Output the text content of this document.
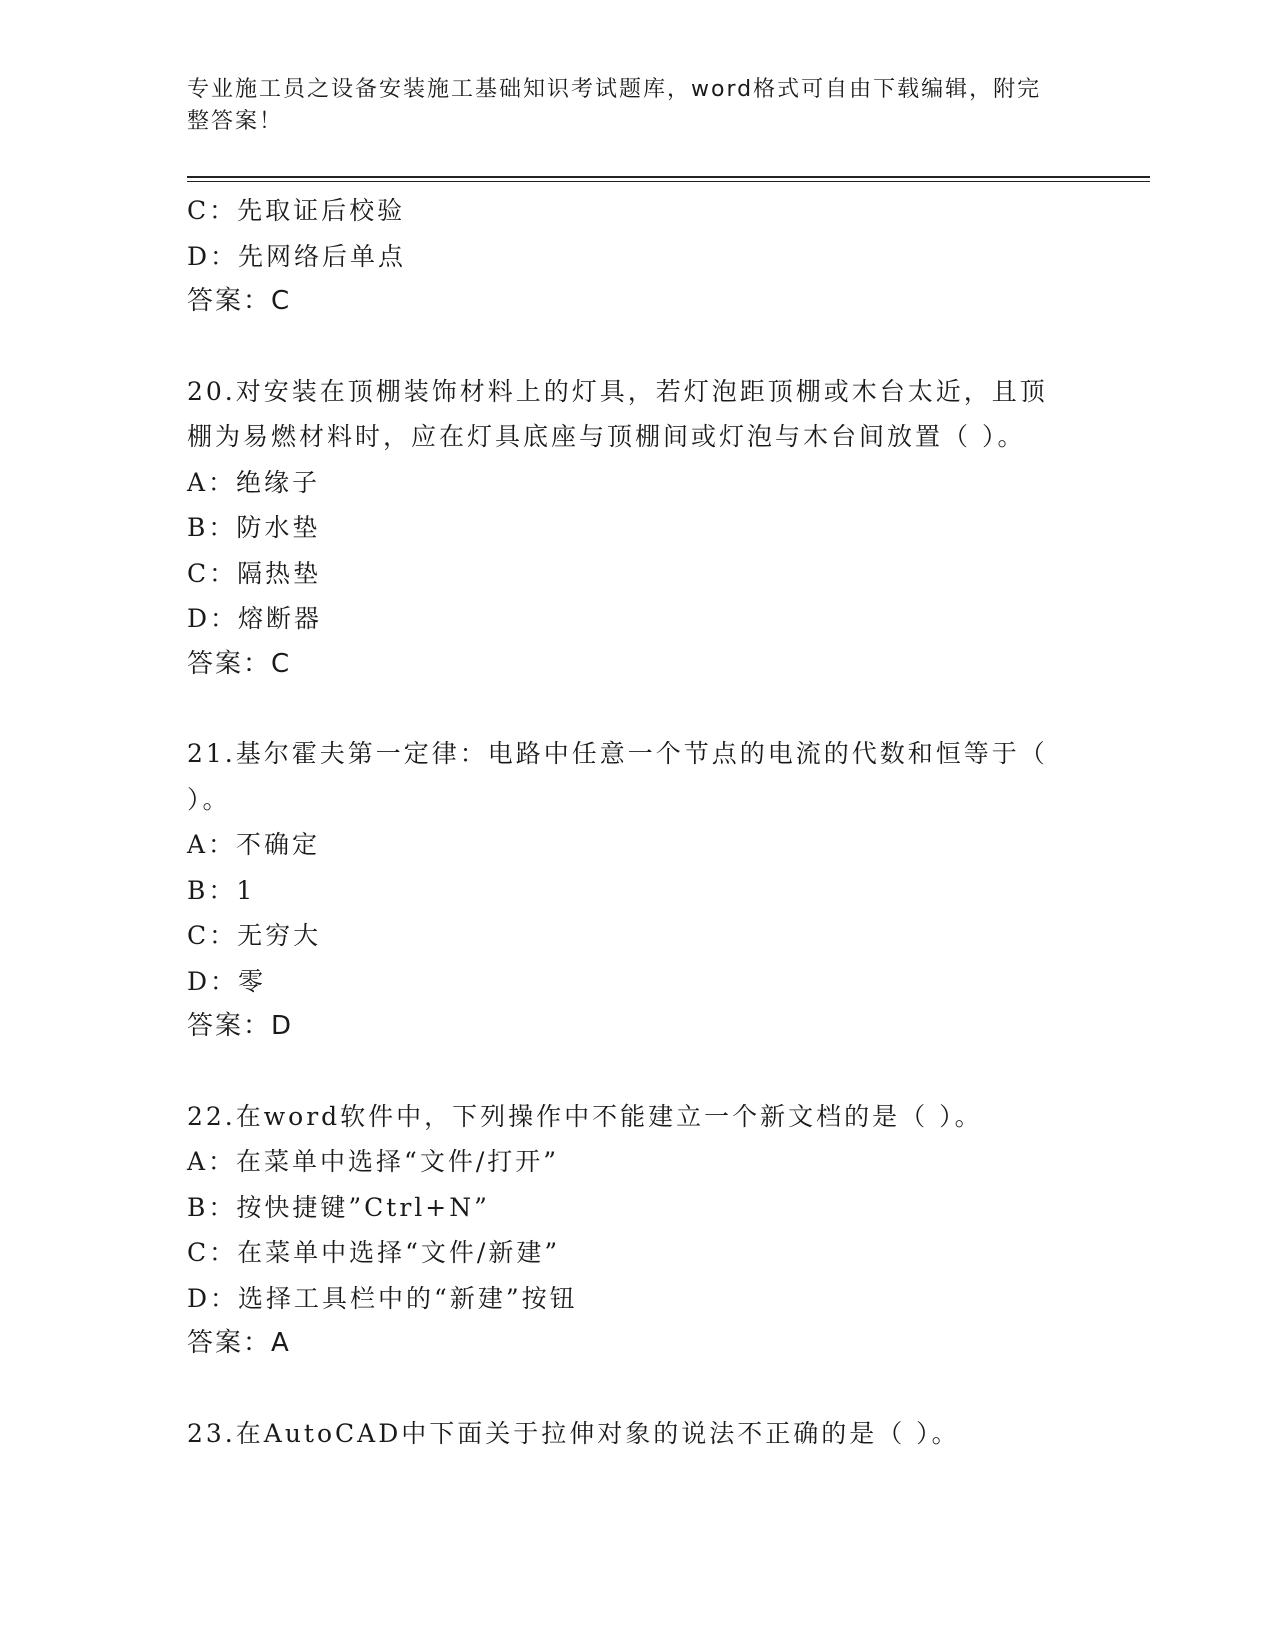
专业施工员之设备安装施工基础知识考试题库，word格式可自由下载编辑，附完
整答案！
C：先取证后校验
D：先网络后单点
答案：C
20.对安装在顶棚装饰材料上的灯具，若灯泡距顶棚或木台太近，且顶
棚为易燃材料时，应在灯具底座与顶棚间或灯泡与木台间放置（ ）。
A：绝缘子
B：防水垫
C：隔热垫
D：熔断器
答案：C
21.基尔霍夫第一定律：电路中任意一个节点的电流的代数和恒等于（
）。
A：不确定
B：1
C：无穷大
D：零
答案：D
22.在word软件中，下列操作中不能建立一个新文档的是（ ）。
A：在菜单中选择“文件/打开”
B：按快捷键”Ctrl+N”
C：在菜单中选择“文件/新建”
D：选择工具栏中的“新建”按钮
答案：A
23.在AutoCAD中下面关于拉伸对象的说法不正确的是（ ）。
